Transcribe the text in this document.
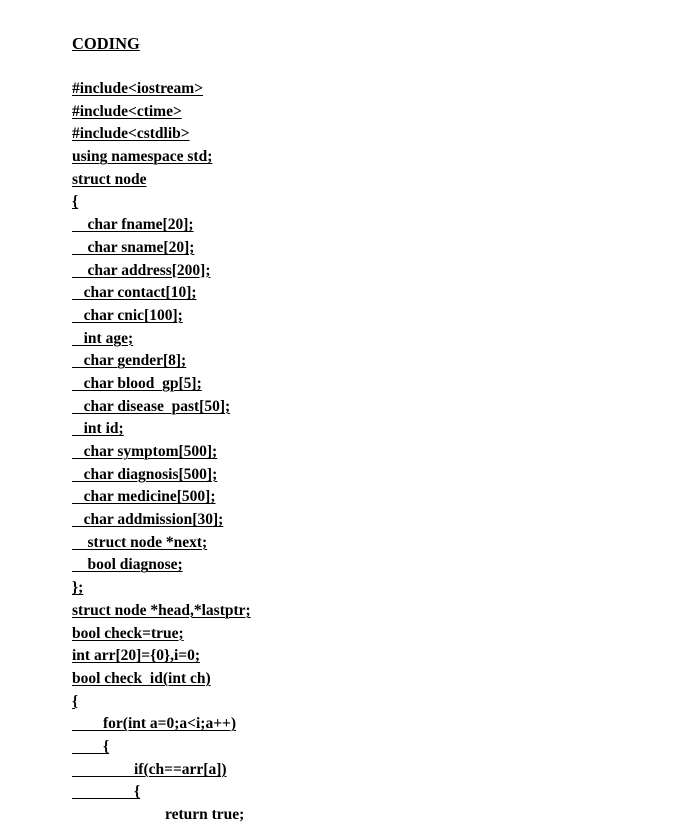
CODING
#include<iostream>
#include<ctime>
#include<cstdlib>
using namespace std;
struct node
{
char fname[20];
char sname[20];
char address[200];
char contact[10];
char cnic[100];
int age;
char gender[8];
char blood  gp[5];
char disease  past[50];
int id;
char symptom[500];
char diagnosis[500];
char medicine[500];
char addmission[30];
struct node *next;
bool diagnose;
};
struct node *head,*lastptr;
bool check=true;
int arr[20]={0},i=0;
bool check  id(int ch)
{
for(int a=0;a<i;a++)
{
if(ch==arr[a])
{
return true;
